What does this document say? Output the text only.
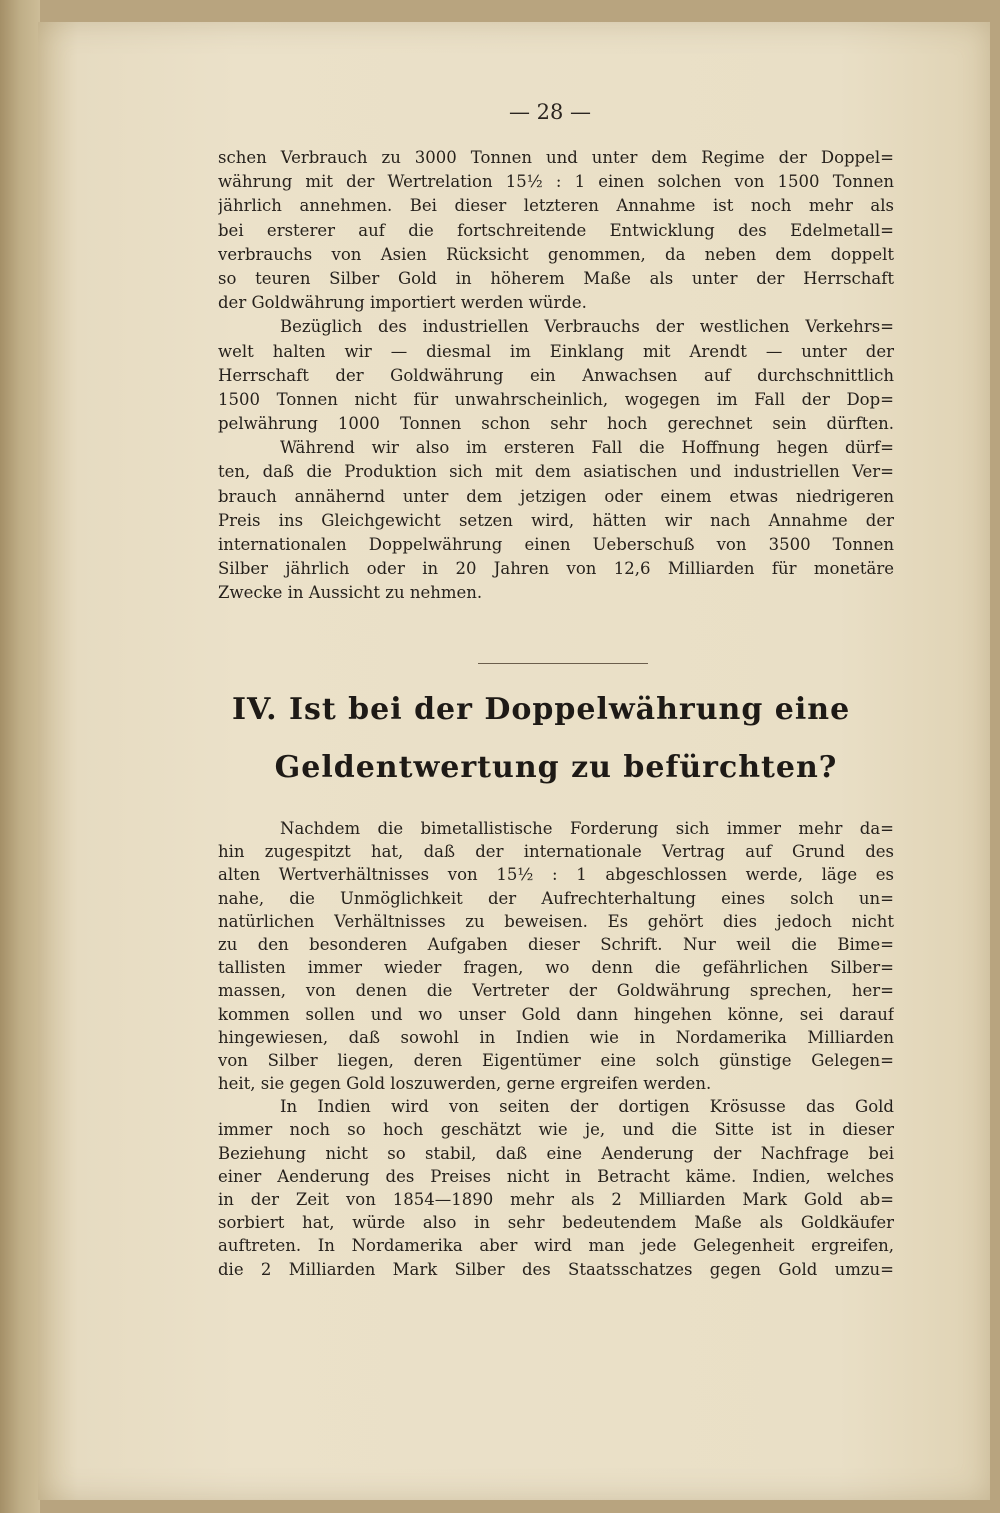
— 28 —
schen Verbrauch zu 3000 Tonnen und unter dem Regime der Doppel=
währung mit der Wertrelation 15½ : 1 einen solchen von 1500 Tonnen
jährlich annehmen. Bei dieser letzteren Annahme ist noch mehr als
bei ersterer auf die fortschreitende Entwicklung des Edelmetall=
verbrauchs von Asien Rücksicht genommen, da neben dem doppelt
so teuren Silber Gold in höherem Maße als unter der Herrschaft
der Goldwährung importiert werden würde.
Bezüglich des industriellen Verbrauchs der westlichen Verkehrs=
welt halten wir — diesmal im Einklang mit Arendt — unter der
Herrschaft der Goldwährung ein Anwachsen auf durchschnittlich
1500 Tonnen nicht für unwahrscheinlich, wogegen im Fall der Dop=
pelwährung 1000 Tonnen schon sehr hoch gerechnet sein dürften.
Während wir also im ersteren Fall die Hoffnung hegen dürf=
ten, daß die Produktion sich mit dem asiatischen und industriellen Ver=
brauch annähernd unter dem jetzigen oder einem etwas niedrigeren
Preis ins Gleichgewicht setzen wird, hätten wir nach Annahme der
internationalen Doppelwährung einen Ueberschuß von 3500 Tonnen
Silber jährlich oder in 20 Jahren von 12,6 Milliarden für monetäre
Zwecke in Aussicht zu nehmen.
IV. Ist bei der Doppelwährung eine
Geldentwertung zu befürchten?
Nachdem die bimetallistische Forderung sich immer mehr da=
hin zugespitzt hat, daß der internationale Vertrag auf Grund des
alten Wertverhältnisses von 15½ : 1 abgeschlossen werde, läge es
nahe, die Unmöglichkeit der Aufrechterhaltung eines solch un=
natürlichen Verhältnisses zu beweisen. Es gehört dies jedoch nicht
zu den besonderen Aufgaben dieser Schrift. Nur weil die Bime=
tallisten immer wieder fragen, wo denn die gefährlichen Silber=
massen, von denen die Vertreter der Goldwährung sprechen, her=
kommen sollen und wo unser Gold dann hingehen könne, sei darauf
hingewiesen, daß sowohl in Indien wie in Nordamerika Milliarden
von Silber liegen, deren Eigentümer eine solch günstige Gelegen=
heit, sie gegen Gold loszuwerden, gerne ergreifen werden.
In Indien wird von seiten der dortigen Krösusse das Gold
immer noch so hoch geschätzt wie je, und die Sitte ist in dieser
Beziehung nicht so stabil, daß eine Aenderung der Nachfrage bei
einer Aenderung des Preises nicht in Betracht käme. Indien, welches
in der Zeit von 1854—1890 mehr als 2 Milliarden Mark Gold ab=
sorbiert hat, würde also in sehr bedeutendem Maße als Goldkäufer
auftreten. In Nordamerika aber wird man jede Gelegenheit ergreifen,
die 2 Milliarden Mark Silber des Staatsschatzes gegen Gold umzu=
